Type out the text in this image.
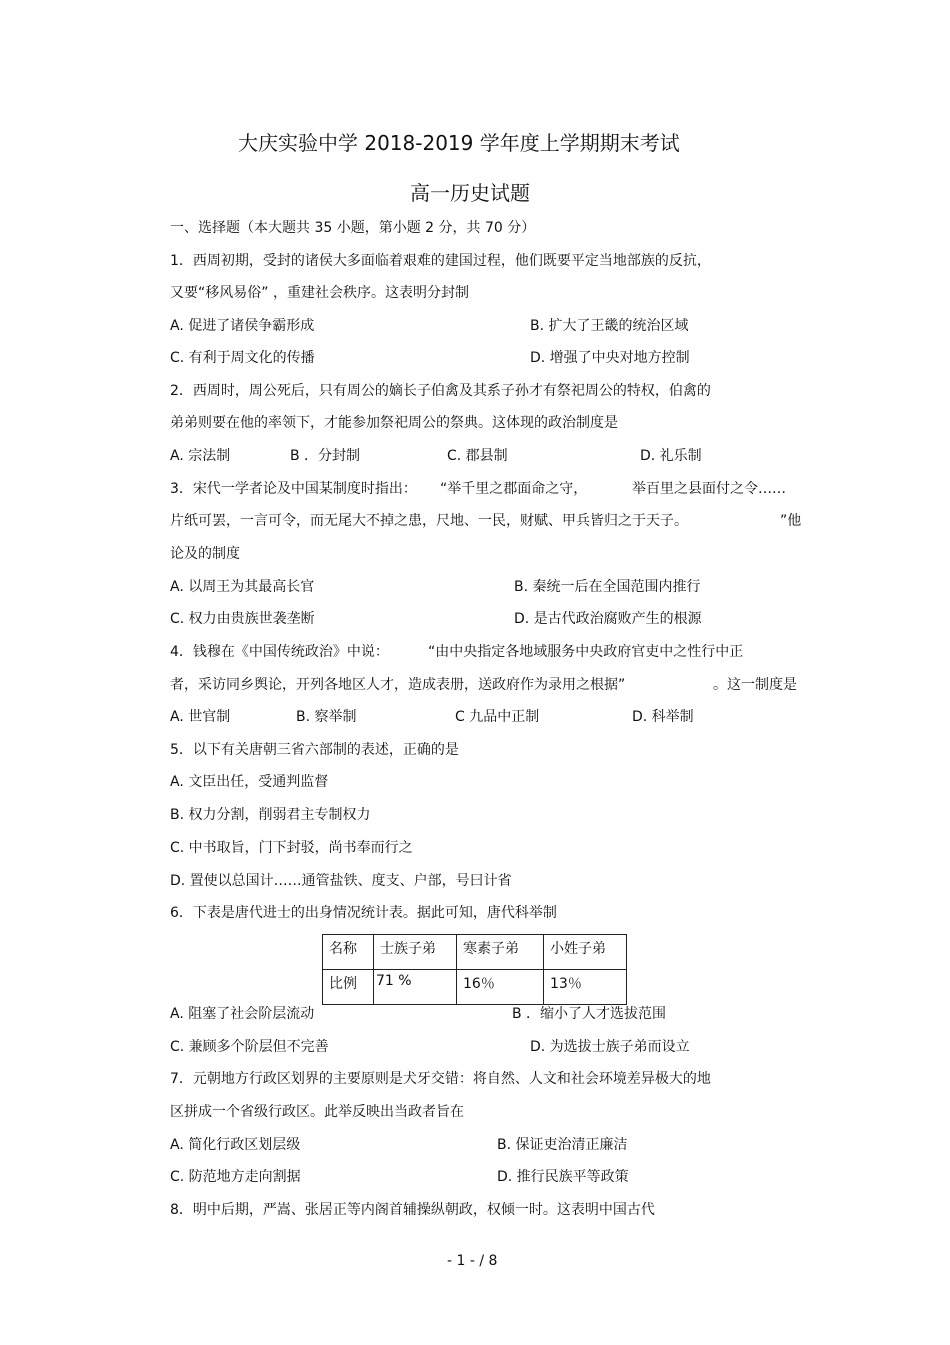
大庆实验中学 2018-2019 学年度上学期期末考试
高一历史试题
一、选择题（本大题共 35 小题，第小题 2 分，共 70 分）
1．西周初期，受封的诸侯大多面临着艰难的建国过程，他们既要平定当地部族的反抗，
又要“移风易俗” ，重建社会秩序。这表明分封制
A. 促进了诸侯争霸形成	B. 扩大了王畿的统治区域
C. 有利于周文化的传播	D. 增强了中央对地方控制
2．西周时，周公死后，只有周公的嫡长子伯禽及其系子孙才有祭祀周公的特权，伯禽的
弟弟则要在他的率领下，才能参加祭祀周公的祭典。这体现的政治制度是
A. 宗法制	B ．分封制	C. 郡县制	D. 礼乐制
3．宋代一学者论及中国某制度时指出： “举千里之郡面命之守，	举百里之县面付之令……
片纸可罢，一言可令，而无尾大不掉之患，尺地、一民，财赋、甲兵皆归之于天子。	”他
论及的制度
A. 以周王为其最高长官	B. 秦统一后在全国范围内推行
C. 权力由贵族世袭垄断	D. 是古代政治腐败产生的根源
4．钱穆在《中国传统政治》中说：	“由中央指定各地域服务中央政府官吏中之性行中正
者，采访同乡舆论，开列各地区人才，造成表册，送政府作为录用之根据”	。这一制度是
A. 世官制	B. 察举制	C 九品中正制	D. 科举制
5．以下有关唐朝三省六部制的表述，正确的是
A. 文臣出任，受通判监督
B. 权力分割，削弱君主专制权力
C. 中书取旨，门下封驳，尚书奉而行之
D. 置使以总国计……通管盐铁、度支、户部，号曰计省
6．下表是唐代进士的出身情况统计表。据此可知，唐代科举制
名称	士族子弟	寒素子弟	小姓子弟
比例	71 %	16％	13％
A. 阻塞了社会阶层流动	B ．缩小了人才选拔范围
C. 兼顾多个阶层但不完善	D. 为选拔士族子弟而设立
7．元朝地方行政区划界的主要原则是犬牙交错：将自然、人文和社会环境差异极大的地
区拼成一个省级行政区。此举反映出当政者旨在
A. 简化行政区划层级	B. 保证吏治清正廉洁
C. 防范地方走向割据	D. 推行民族平等政策
8．明中后期，严嵩、张居正等内阁首辅操纵朝政，权倾一时。这表明中国古代
- 1 - / 8
